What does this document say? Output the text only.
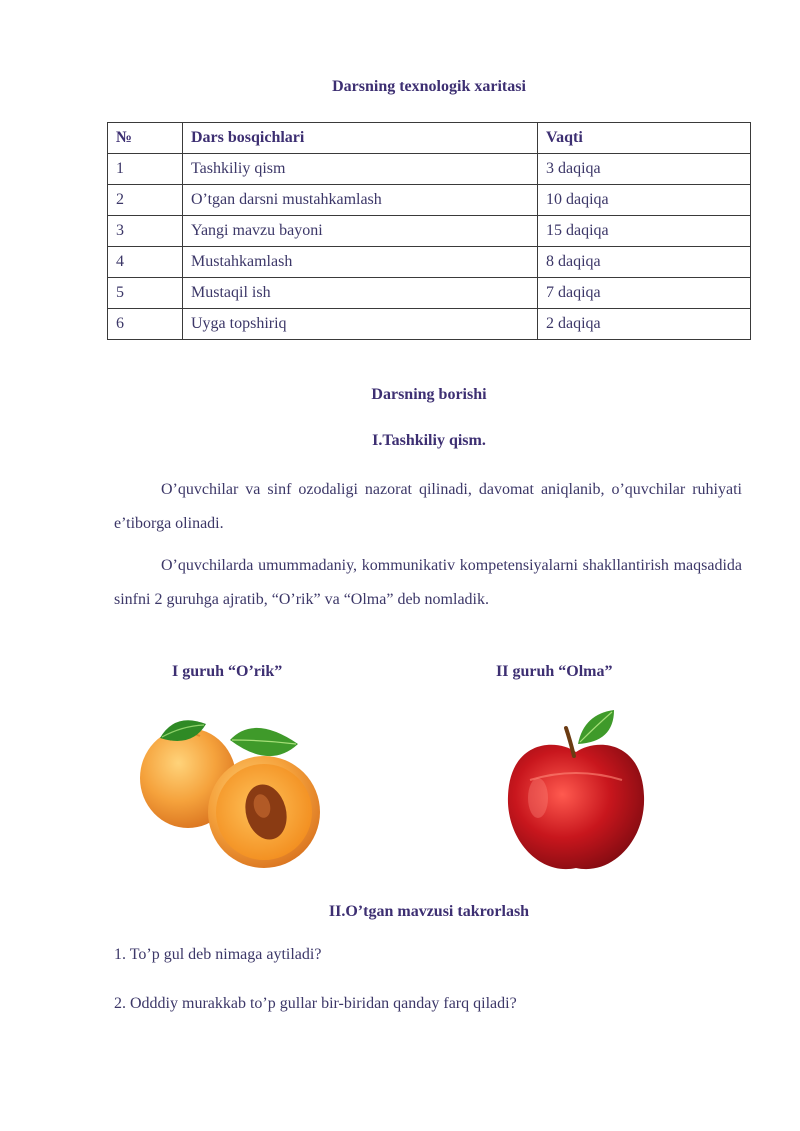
Darsning texnologik xaritasi
№	Dars bosqichlari	Vaqti
1	Tashkiliy qism	3 daqiqa
2	O’tgan darsni mustahkamlash	10 daqiqa
3	Yangi mavzu bayoni	15 daqiqa
4	Mustahkamlash	8 daqiqa
5	Mustaqil ish	7 daqiqa
6	Uyga topshiriq	2 daqiqa
Darsning borishi
I.Tashkiliy qism.

O’quvchilar va sinf ozodaligi nazorat qilinadi, davomat aniqlanib, o’quvchilar ruhiyati e’tiborga olinadi.

O’quvchilarda umummadaniy, kommunikativ kompetensiyalarni shakllantirish maqsadida sinfni 2 guruhga ajratib, “O’rik” va “Olma” deb nomladik.

I guruh “O’rik”	II guruh “Olma”

II.O’tgan mavzusi takrorlash

1. To’p gul deb nimaga aytiladi?

2. Odddiy murakkab to’p gullar bir-biridan qanday farq qiladi?
